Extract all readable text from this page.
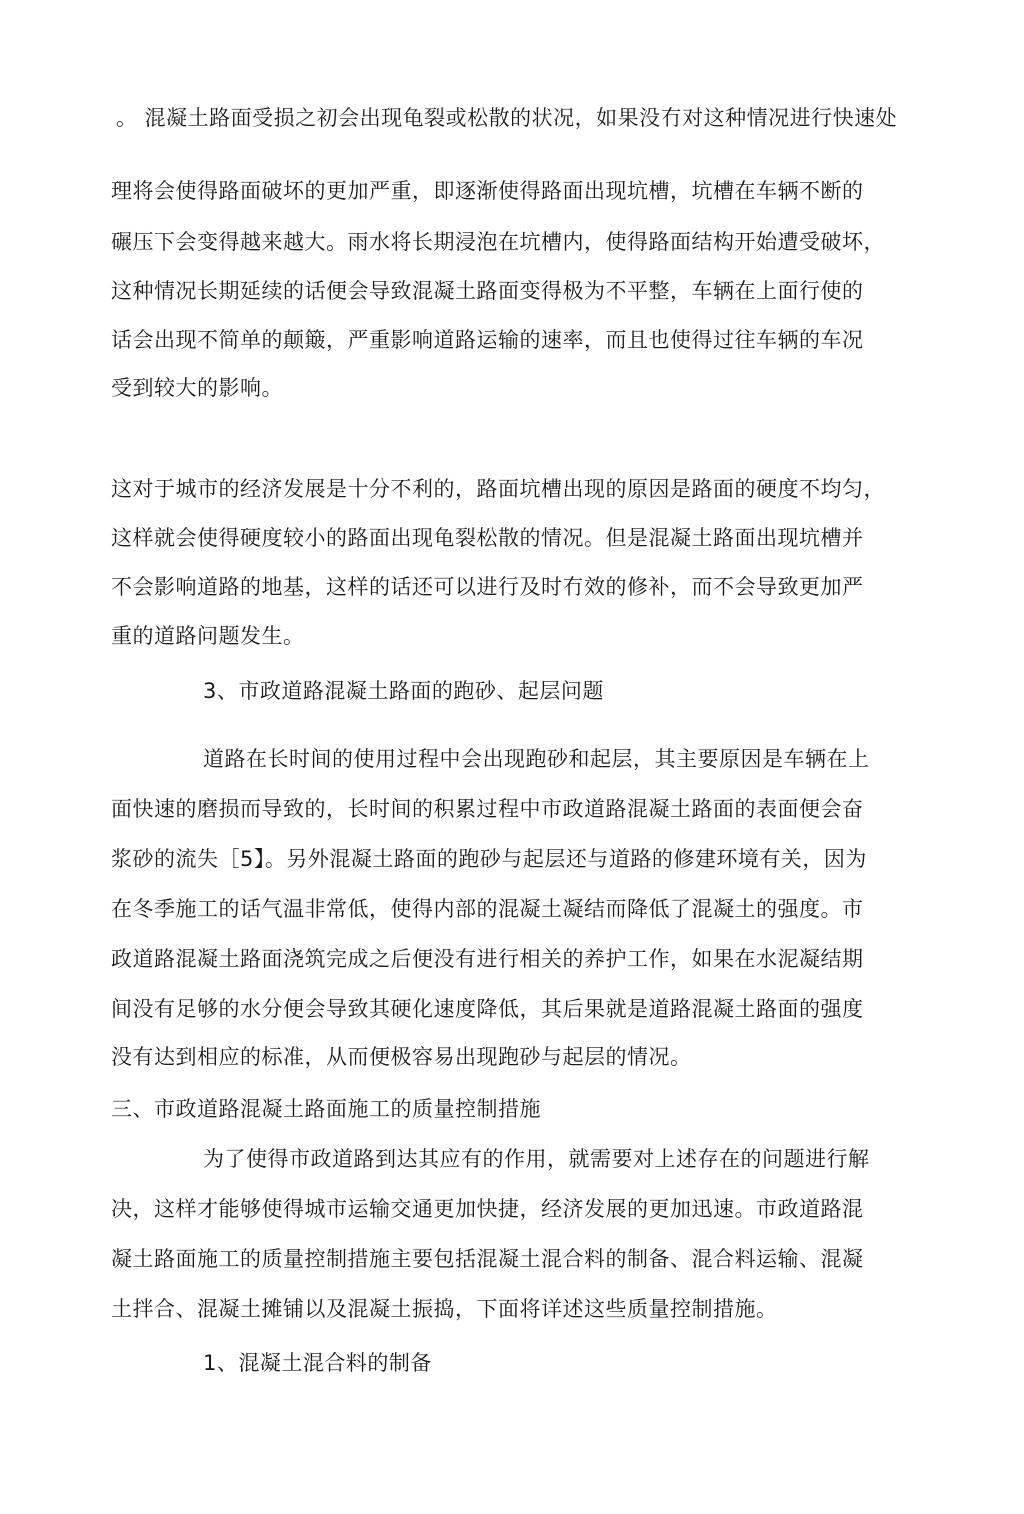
。 混凝土路面受损之初会出现龟裂或松散的状况，如果没冇对这种情况进行快速处
理将会使得路面破坏的更加严重，即逐渐使得路面出现坑槽，坑槽在车辆不断的
碾压下会变得越来越大。雨水将长期浸泡在坑槽内，使得路面结构开始遭受破坏，
这种情况长期延续的话便会导致混凝土路面变得极为不平整，车辆在上面行使的
话会出现不简单的颠簸，严重影响道路运输的速率，而且也使得过往车辆的车况
受到较大的影响。
这对于城市的经济发展是十分不利的，路面坑槽出现的原因是路面的硬度不均匀，
这样就会使得硬度较小的路面出现龟裂松散的情况。但是混凝土路面出现坑槽并
不会影响道路的地基，这样的话还可以进行及时冇效的修补，而不会导致更加严
重的道路问题发生。
3、市政道路混凝土路面的跑砂、起层问题
道路在长时间的使用过程中会出现跑砂和起层，其主要原因是车辆在上
面快速的磨损而导致的，长时间的积累过程中市政道路混凝土路面的表面便会奋
浆砂的流失［5】。另外混凝土路面的跑砂与起层还与道路的修建环境有关，因为
在冬季施工的话气温非常低，使得内部的混凝土凝结而降低了混凝土的强度。市
政道路混凝土路面浇筑完成之后便没有进行相关的养护工作，如果在水泥凝结期
间没有足够的水分便会导致其硬化速度降低，其后果就是道路混凝土路面的强度
没有达到相应的标准，从而便极容易出现跑砂与起层的情况。
三、市政道路混凝土路面施工的质量控制措施
为了使得市政道路到达其应有的作用，就需要对上述存在的问题进行解
决，这样才能够使得城市运输交通更加快捷，经济发展的更加迅速。市政道路混
凝土路面施工的质量控制措施主要包括混凝土混合料的制备、混合料运输、混凝
土拌合、混凝土摊铺以及混凝土振捣，下面将详述这些质量控制措施。
1、混凝土混合料的制备
